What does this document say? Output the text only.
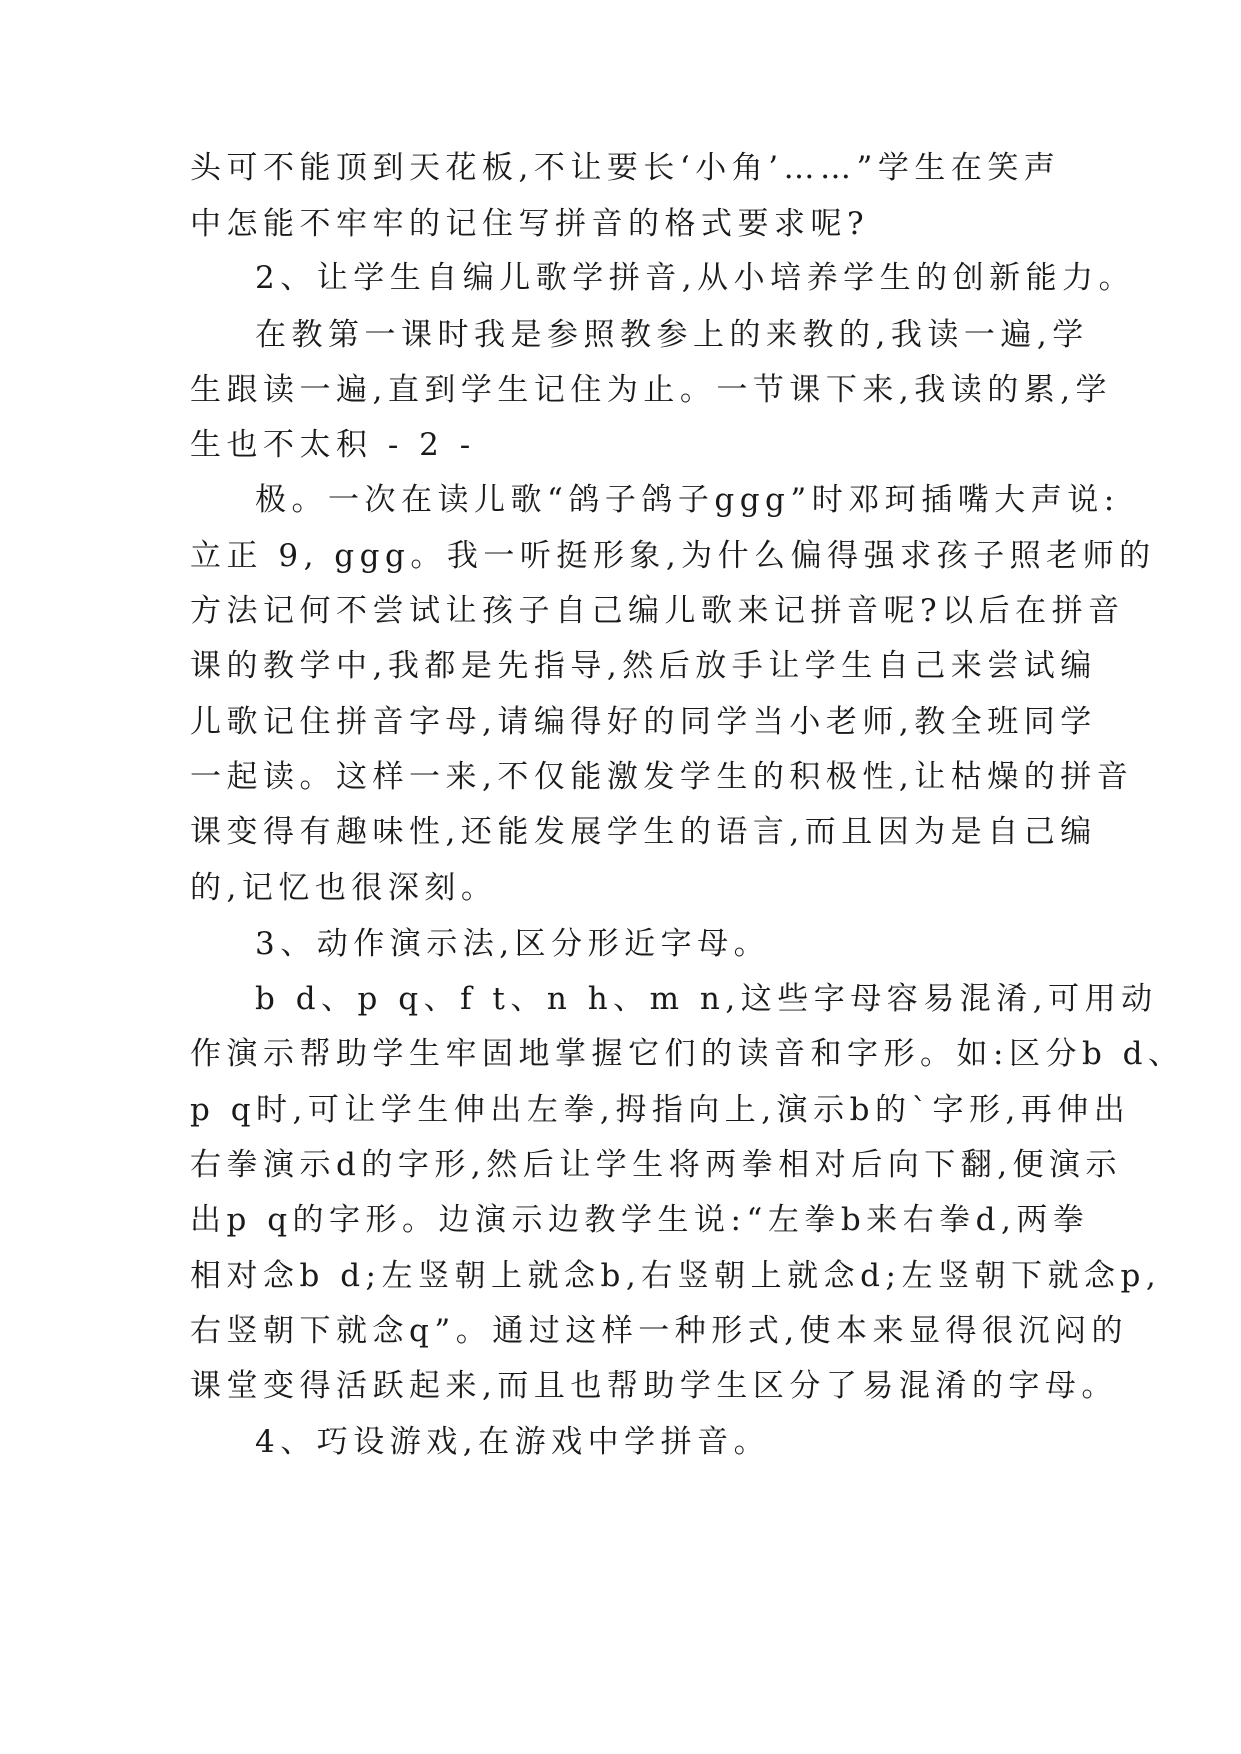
头可不能顶到天花板,不让要长‘小角’……”学生在笑声
中怎能不牢牢的记住写拼音的格式要求呢?
2、让学生自编儿歌学拼音,从小培养学生的创新能力。
在教第一课时我是参照教参上的来教的,我读一遍,学
生跟读一遍,直到学生记住为止。一节课下来,我读的累,学
生也不太积 - 2 -
极。一次在读儿歌“鸽子鸽子ggg”时邓珂插嘴大声说:
立正 9, ggg。我一听挺形象,为什么偏得强求孩子照老师的
方法记何不尝试让孩子自己编儿歌来记拼音呢?以后在拼音
课的教学中,我都是先指导,然后放手让学生自己来尝试编
儿歌记住拼音字母,请编得好的同学当小老师,教全班同学
一起读。这样一来,不仅能激发学生的积极性,让枯燥的拼音
课变得有趣味性,还能发展学生的语言,而且因为是自己编
的,记忆也很深刻。
3、动作演示法,区分形近字母。
b d、p q、f t、n h、m n,这些字母容易混淆,可用动
作演示帮助学生牢固地掌握它们的读音和字形。如:区分b d、
p q时,可让学生伸出左拳,拇指向上,演示b的`字形,再伸出
右拳演示d的字形,然后让学生将两拳相对后向下翻,便演示
出p q的字形。边演示边教学生说:“左拳b来右拳d,两拳
相对念b d;左竖朝上就念b,右竖朝上就念d;左竖朝下就念p,
右竖朝下就念q”。通过这样一种形式,使本来显得很沉闷的
课堂变得活跃起来,而且也帮助学生区分了易混淆的字母。
4、巧设游戏,在游戏中学拼音。
